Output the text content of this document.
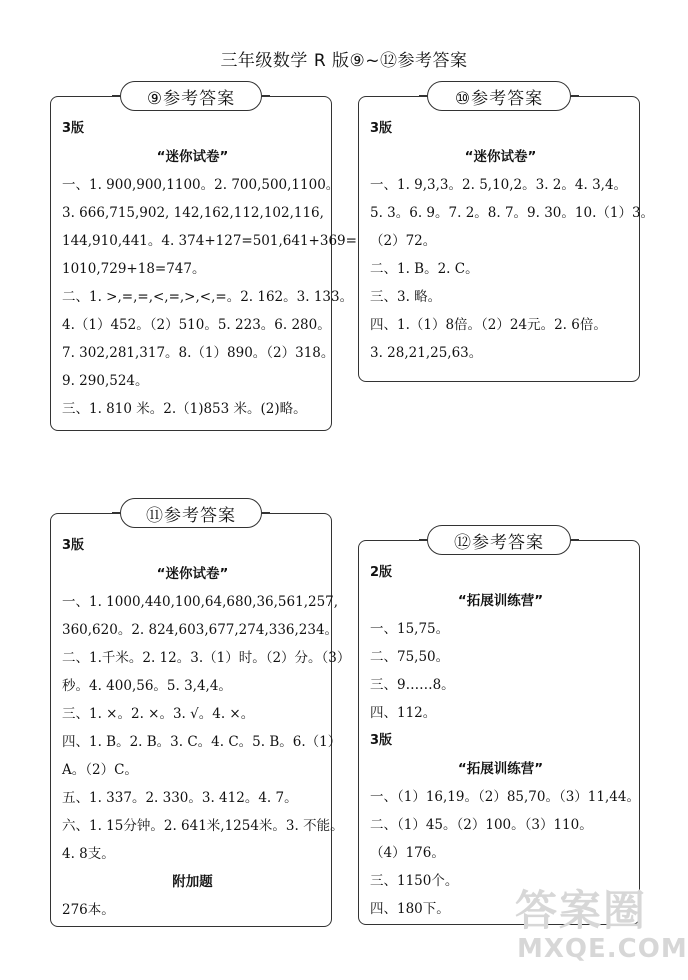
三年级数学 R 版⑨~⑫参考答案
⑨参考答案
3版
“迷你试卷”
一、1. 900,900,1100。2. 700,500,1100。
3. 666,715,902, 142,162,112,102,116,
144,910,441。4. 374+127=501,641+369=
1010,729+18=747。
二、1. >,=,=,<,=,>,<,=。2. 162。3. 133。
4.（1）452。（2）510。5. 223。6. 280。
7. 302,281,317。8.（1）890。（2）318。
9. 290,524。
三、1. 810 米。2.（1)853 米。(2)略。
⑩参考答案
3版
“迷你试卷”
一、1. 9,3,3。2. 5,10,2。3. 2。4. 3,4。
5. 3。6. 9。7. 2。8. 7。9. 30。10.（1）3。
（2）72。
二、1. B。2. C。
三、3. 略。
四、1.（1）8倍。（2）24元。2. 6倍。
3. 28,21,25,63。
⑪参考答案
3版
“迷你试卷”
一、1. 1000,440,100,64,680,36,561,257,
360,620。2. 824,603,677,274,336,234。
二、1.千米。2. 12。3.（1）时。（2）分。（3）
秒。4. 400,56。5. 3,4,4。
三、1. ×。2. ×。3. √。4. ×。
四、1. B。2. B。3. C。4. C。5. B。6.（1）
A。（2）C。
五、1. 337。2. 330。3. 412。4. 7。
六、1. 15分钟。2. 641米,1254米。3. 不能。
4. 8支。
附加题
276本。
⑫参考答案
2版
“拓展训练营”
一、15,75。
二、75,50。
三、9……8。
四、112。
3版
“拓展训练营”
一、（1）16,19。（2）85,70。（3）11,44。
二、（1）45。（2）100。（3）110。
（4）176。
三、1150个。
四、180下。	答案圈
MXQE.COM
